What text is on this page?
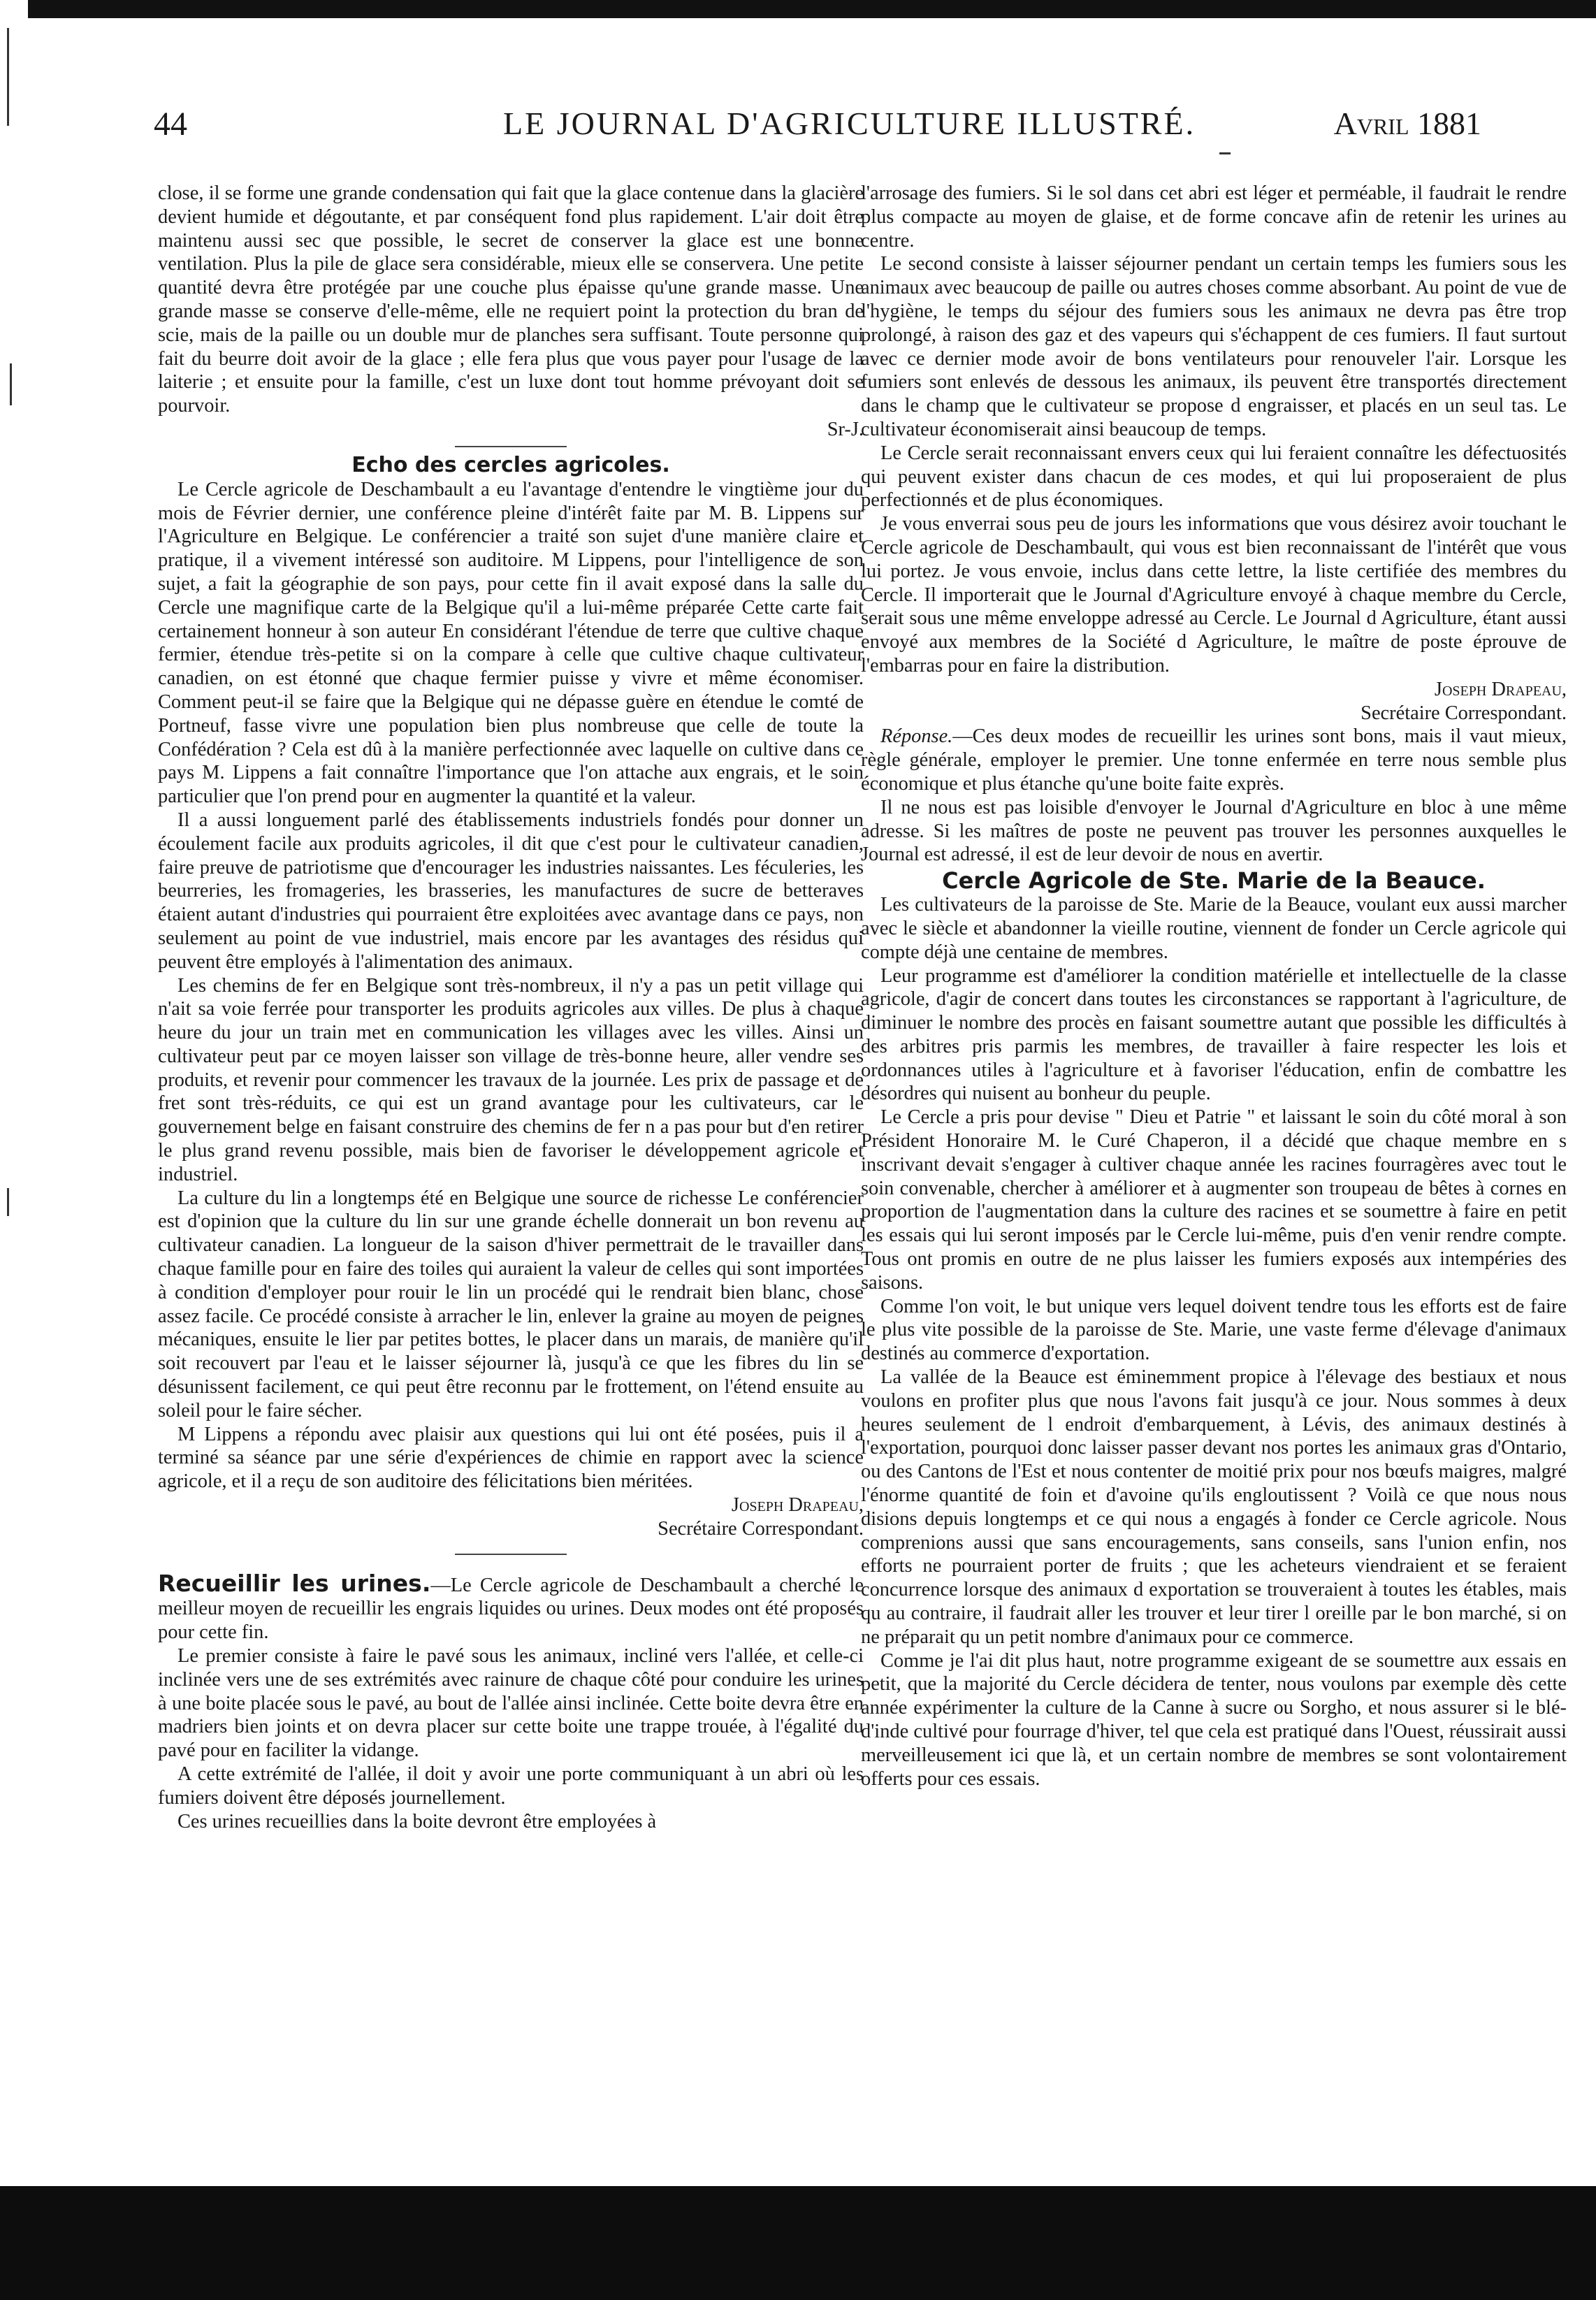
44	LE JOURNAL D'AGRICULTURE ILLUSTRÉ.	Avril 1881

close, il se forme une grande condensation qui fait que la glace contenue dans la glacière devient humide et dégoutante, et par conséquent fond plus rapidement. L'air doit être maintenu aussi sec que possible, le secret de conserver la glace est une bonne ventilation. Plus la pile de glace sera considérable, mieux elle se conservera. Une petite quantité devra être protégée par une couche plus épaisse qu'une grande masse. Une grande masse se conserve d'elle-même, elle ne requiert point la protection du bran de scie, mais de la paille ou un double mur de planches sera suffisant. Toute personne qui fait du beurre doit avoir de la glace ; elle fera plus que vous payer pour l'usage de la laiterie ; et ensuite pour la famille, c'est un luxe dont tout homme prévoyant doit se pourvoir.

Sr-J.

Echo des cercles agricoles.

Le Cercle agricole de Deschambault a eu l'avantage d'entendre le vingtième jour du mois de Février dernier, une conférence pleine d'intérêt faite par M. B. Lippens sur l'Agriculture en Belgique. Le conférencier a traité son sujet d'une manière claire et pratique, il a vivement intéressé son auditoire. M Lippens, pour l'intelligence de son sujet, a fait la géographie de son pays, pour cette fin il avait exposé dans la salle du Cercle une magnifique carte de la Belgique qu'il a lui-même préparée Cette carte fait certainement honneur à son auteur En considérant l'étendue de terre que cultive chaque fermier, étendue très-petite si on la compare à celle que cultive chaque cultivateur canadien, on est étonné que chaque fermier puisse y vivre et même économiser. Comment peut-il se faire que la Belgique qui ne dépasse guère en étendue le comté de Portneuf, fasse vivre une population bien plus nombreuse que celle de toute la Confédération ? Cela est dû à la manière perfectionnée avec laquelle on cultive dans ce pays M. Lippens a fait connaître l'importance que l'on attache aux engrais, et le soin particulier que l'on prend pour en augmenter la quantité et la valeur.

Il a aussi longuement parlé des établissements industriels fondés pour donner un écoulement facile aux produits agricoles, il dit que c'est pour le cultivateur canadien, faire preuve de patriotisme que d'encourager les industries naissantes. Les féculeries, les beurreries, les fromageries, les brasseries, les manufactures de sucre de betteraves étaient autant d'industries qui pourraient être exploitées avec avantage dans ce pays, non seulement au point de vue industriel, mais encore par les avantages des résidus qui peuvent être employés à l'alimentation des animaux.

Les chemins de fer en Belgique sont très-nombreux, il n'y a pas un petit village qui n'ait sa voie ferrée pour transporter les produits agricoles aux villes. De plus à chaque heure du jour un train met en communication les villages avec les villes. Ainsi un cultivateur peut par ce moyen laisser son village de très-bonne heure, aller vendre ses produits, et revenir pour commencer les travaux de la journée. Les prix de passage et de fret sont très-réduits, ce qui est un grand avantage pour les cultivateurs, car le gouvernement belge en faisant construire des chemins de fer n a pas pour but d'en retirer le plus grand revenu possible, mais bien de favoriser le développement agricole et industriel.

La culture du lin a longtemps été en Belgique une source de richesse Le conférencier est d'opinion que la culture du lin sur une grande échelle donnerait un bon revenu au cultivateur canadien. La longueur de la saison d'hiver permettrait de le travailler dans chaque famille pour en faire des toiles qui auraient la valeur de celles qui sont importées à condition d'employer pour rouir le lin un procédé qui le rendrait bien blanc, chose assez facile. Ce procédé consiste à arracher le lin, enlever la graine au moyen de peignes mécaniques, ensuite le lier par petites bottes, le placer dans un marais, de manière qu'il soit recouvert par l'eau et le laisser séjourner là, jusqu'à ce que les fibres du lin se désunissent facilement, ce qui peut être reconnu par le frottement, on l'étend ensuite au soleil pour le faire sécher.

M Lippens a répondu avec plaisir aux questions qui lui ont été posées, puis il a terminé sa séance par une série d'expériences de chimie en rapport avec la science agricole, et il a reçu de son auditoire des félicitations bien méritées.

Joseph Drapeau,

Secrétaire Correspondant.

Recueillir les urines.—Le Cercle agricole de Deschambault a cherché le meilleur moyen de recueillir les engrais liquides ou urines. Deux modes ont été proposés pour cette fin.

Le premier consiste à faire le pavé sous les animaux, incliné vers l'allée, et celle-ci inclinée vers une de ses extrémités avec rainure de chaque côté pour conduire les urines à une boite placée sous le pavé, au bout de l'allée ainsi inclinée. Cette boite devra être en madriers bien joints et on devra placer sur cette boite une trappe trouée, à l'égalité du pavé pour en faciliter la vidange.

A cette extrémité de l'allée, il doit y avoir une porte communiquant à un abri où les fumiers doivent être déposés journellement.

Ces urines recueillies dans la boite devront être employées à

l'arrosage des fumiers. Si le sol dans cet abri est léger et perméable, il faudrait le rendre plus compacte au moyen de glaise, et de forme concave afin de retenir les urines au centre.

Le second consiste à laisser séjourner pendant un certain temps les fumiers sous les animaux avec beaucoup de paille ou autres choses comme absorbant. Au point de vue de l'hygiène, le temps du séjour des fumiers sous les animaux ne devra pas être trop prolongé, à raison des gaz et des vapeurs qui s'échappent de ces fumiers. Il faut surtout avec ce dernier mode avoir de bons ventilateurs pour renouveler l'air. Lorsque les fumiers sont enlevés de dessous les animaux, ils peuvent être transportés directement dans le champ que le cultivateur se propose d engraisser, et placés en un seul tas. Le cultivateur économiserait ainsi beaucoup de temps.

Le Cercle serait reconnaissant envers ceux qui lui feraient connaître les défectuosités qui peuvent exister dans chacun de ces modes, et qui lui proposeraient de plus perfectionnés et de plus économiques.

Je vous enverrai sous peu de jours les informations que vous désirez avoir touchant le Cercle agricole de Deschambault, qui vous est bien reconnaissant de l'intérêt que vous lui portez. Je vous envoie, inclus dans cette lettre, la liste certifiée des membres du Cercle. Il importerait que le Journal d'Agriculture envoyé à chaque membre du Cercle, serait sous une même enveloppe adressé au Cercle. Le Journal d Agriculture, étant aussi envoyé aux membres de la Société d Agriculture, le maître de poste éprouve de l'embarras pour en faire la distribution.

Joseph Drapeau,

Secrétaire Correspondant.

Réponse.—Ces deux modes de recueillir les urines sont bons, mais il vaut mieux, règle générale, employer le premier. Une tonne enfermée en terre nous semble plus économique et plus étanche qu'une boite faite exprès.

Il ne nous est pas loisible d'envoyer le Journal d'Agriculture en bloc à une même adresse. Si les maîtres de poste ne peuvent pas trouver les personnes auxquelles le Journal est adressé, il est de leur devoir de nous en avertir.

Cercle Agricole de Ste. Marie de la Beauce.

Les cultivateurs de la paroisse de Ste. Marie de la Beauce, voulant eux aussi marcher avec le siècle et abandonner la vieille routine, viennent de fonder un Cercle agricole qui compte déjà une centaine de membres.

Leur programme est d'améliorer la condition matérielle et intellectuelle de la classe agricole, d'agir de concert dans toutes les circonstances se rapportant à l'agriculture, de diminuer le nombre des procès en faisant soumettre autant que possible les difficultés à des arbitres pris parmis les membres, de travailler à faire respecter les lois et ordonnances utiles à l'agriculture et à favoriser l'éducation, enfin de combattre les désordres qui nuisent au bonheur du peuple.

Le Cercle a pris pour devise " Dieu et Patrie " et laissant le soin du côté moral à son Président Honoraire M. le Curé Chaperon, il a décidé que chaque membre en s inscrivant devait s'engager à cultiver chaque année les racines fourragères avec tout le soin convenable, chercher à améliorer et à augmenter son troupeau de bêtes à cornes en proportion de l'augmentation dans la culture des racines et se soumettre à faire en petit les essais qui lui seront imposés par le Cercle lui-même, puis d'en venir rendre compte. Tous ont promis en outre de ne plus laisser les fumiers exposés aux intempéries des saisons.

Comme l'on voit, le but unique vers lequel doivent tendre tous les efforts est de faire le plus vite possible de la paroisse de Ste. Marie, une vaste ferme d'élevage d'animaux destinés au commerce d'exportation.

La vallée de la Beauce est éminemment propice à l'élevage des bestiaux et nous voulons en profiter plus que nous l'avons fait jusqu'à ce jour. Nous sommes à deux heures seulement de l endroit d'embarquement, à Lévis, des animaux destinés à l'exportation, pourquoi donc laisser passer devant nos portes les animaux gras d'Ontario, ou des Cantons de l'Est et nous contenter de moitié prix pour nos bœufs maigres, malgré l'énorme quantité de foin et d'avoine qu'ils engloutissent ? Voilà ce que nous nous disions depuis longtemps et ce qui nous a engagés à fonder ce Cercle agricole. Nous comprenions aussi que sans encouragements, sans conseils, sans l'union enfin, nos efforts ne pourraient porter de fruits ; que les acheteurs viendraient et se feraient concurrence lorsque des animaux d exportation se trouveraient à toutes les étables, mais qu au contraire, il faudrait aller les trouver et leur tirer l oreille par le bon marché, si on ne préparait qu un petit nombre d'animaux pour ce commerce.

Comme je l'ai dit plus haut, notre programme exigeant de se soumettre aux essais en petit, que la majorité du Cercle décidera de tenter, nous voulons par exemple dès cette année expérimenter la culture de la Canne à sucre ou Sorgho, et nous assurer si le blé-d'inde cultivé pour fourrage d'hiver, tel que cela est pratiqué dans l'Ouest, réussirait aussi merveilleusement ici que là, et un certain nombre de membres se sont volontairement offerts pour ces essais.
